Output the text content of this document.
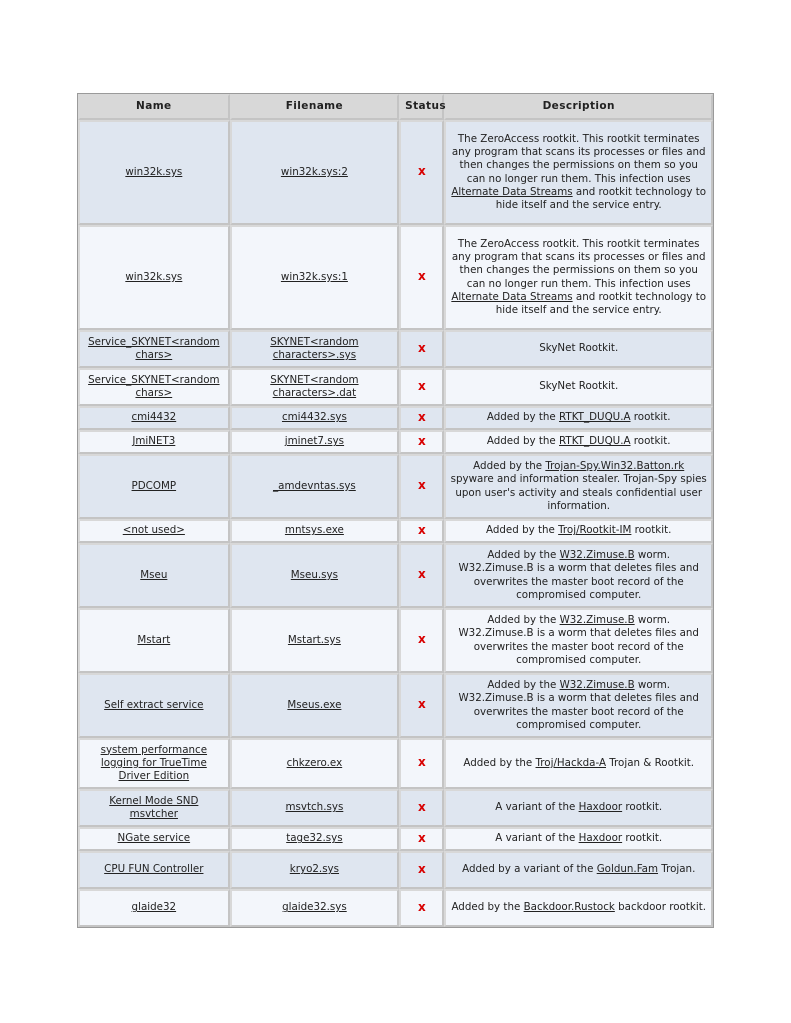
Name	Filename	Status	Description
win32k.sys	win32k.sys:2	x	The ZeroAccess rootkit. This rootkit terminates any program that scans its processes or files and then changes the permissions on them so you can no longer run them. This infection uses Alternate Data Streams and rootkit technology to hide itself and the service entry.
win32k.sys	win32k.sys:1	x	The ZeroAccess rootkit. This rootkit terminates any program that scans its processes or files and then changes the permissions on them so you can no longer run them. This infection uses Alternate Data Streams and rootkit technology to hide itself and the service entry.
Service_SKYNET<random chars>	SKYNET<random characters>.sys	x	SkyNet Rootkit.
Service_SKYNET<random chars>	SKYNET<random characters>.dat	x	SkyNet Rootkit.
cmi4432	cmi4432.sys	x	Added by the RTKT_DUQU.A rootkit.
JmiNET3	jminet7.sys	x	Added by the RTKT_DUQU.A rootkit.
PDCOMP	_amdevntas.sys	x	Added by the Trojan-Spy.Win32.Batton.rk spyware and information stealer. Trojan-Spy spies upon user's activity and steals confidential user information.
<not used>	mntsys.exe	x	Added by the Troj/Rootkit-IM rootkit.
Mseu	Mseu.sys	x	Added by the W32.Zimuse.B worm. W32.Zimuse.B is a worm that deletes files and overwrites the master boot record of the compromised computer.
Mstart	Mstart.sys	x	Added by the W32.Zimuse.B worm. W32.Zimuse.B is a worm that deletes files and overwrites the master boot record of the compromised computer.
Self extract service	Mseus.exe	x	Added by the W32.Zimuse.B worm. W32.Zimuse.B is a worm that deletes files and overwrites the master boot record of the compromised computer.
system performance logging for TrueTime Driver Edition	chkzero.ex	x	Added by the Troj/Hackda-A Trojan & Rootkit.
Kernel Mode SND msvtcher	msvtch.sys	x	A variant of the Haxdoor rootkit.
NGate service	tage32.sys	x	A variant of the Haxdoor rootkit.
CPU FUN Controller	kryo2.sys	x	Added by a variant of the Goldun.Fam Trojan.
glaide32	glaide32.sys	x	Added by the Backdoor.Rustock backdoor rootkit.
